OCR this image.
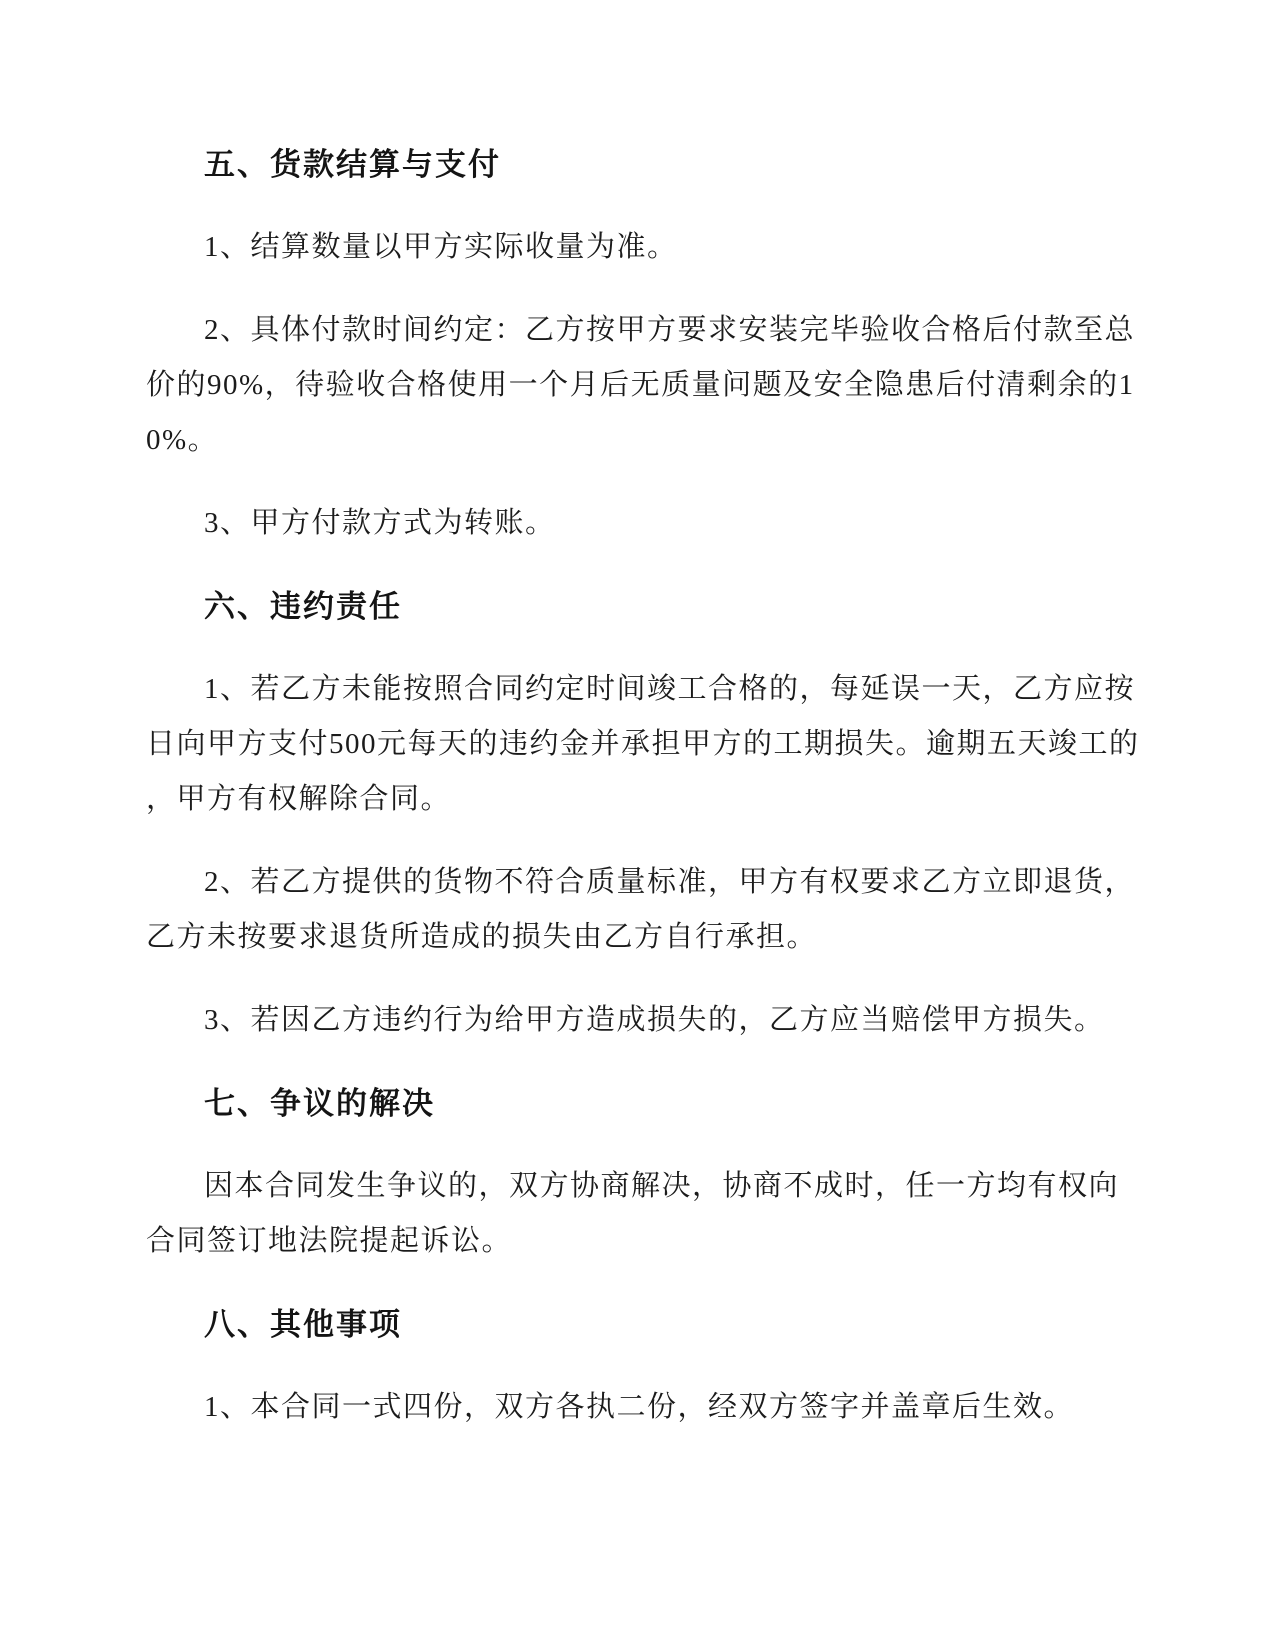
五、货款结算与支付
1、结算数量以甲方实际收量为准。
2、具体付款时间约定：乙方按甲方要求安装完毕验收合格后付款至总
价的90%，待验收合格使用一个月后无质量问题及安全隐患后付清剩余的1
0%。
3、甲方付款方式为转账。
六、违约责任
1、若乙方未能按照合同约定时间竣工合格的，每延误一天，乙方应按
日向甲方支付500元每天的违约金并承担甲方的工期损失。逾期五天竣工的
，甲方有权解除合同。
2、若乙方提供的货物不符合质量标准，甲方有权要求乙方立即退货，
乙方未按要求退货所造成的损失由乙方自行承担。
3、若因乙方违约行为给甲方造成损失的，乙方应当赔偿甲方损失。
七、争议的解决
因本合同发生争议的，双方协商解决，协商不成时，任一方均有权向
合同签订地法院提起诉讼。
八、其他事项
1、本合同一式四份，双方各执二份，经双方签字并盖章后生效。
